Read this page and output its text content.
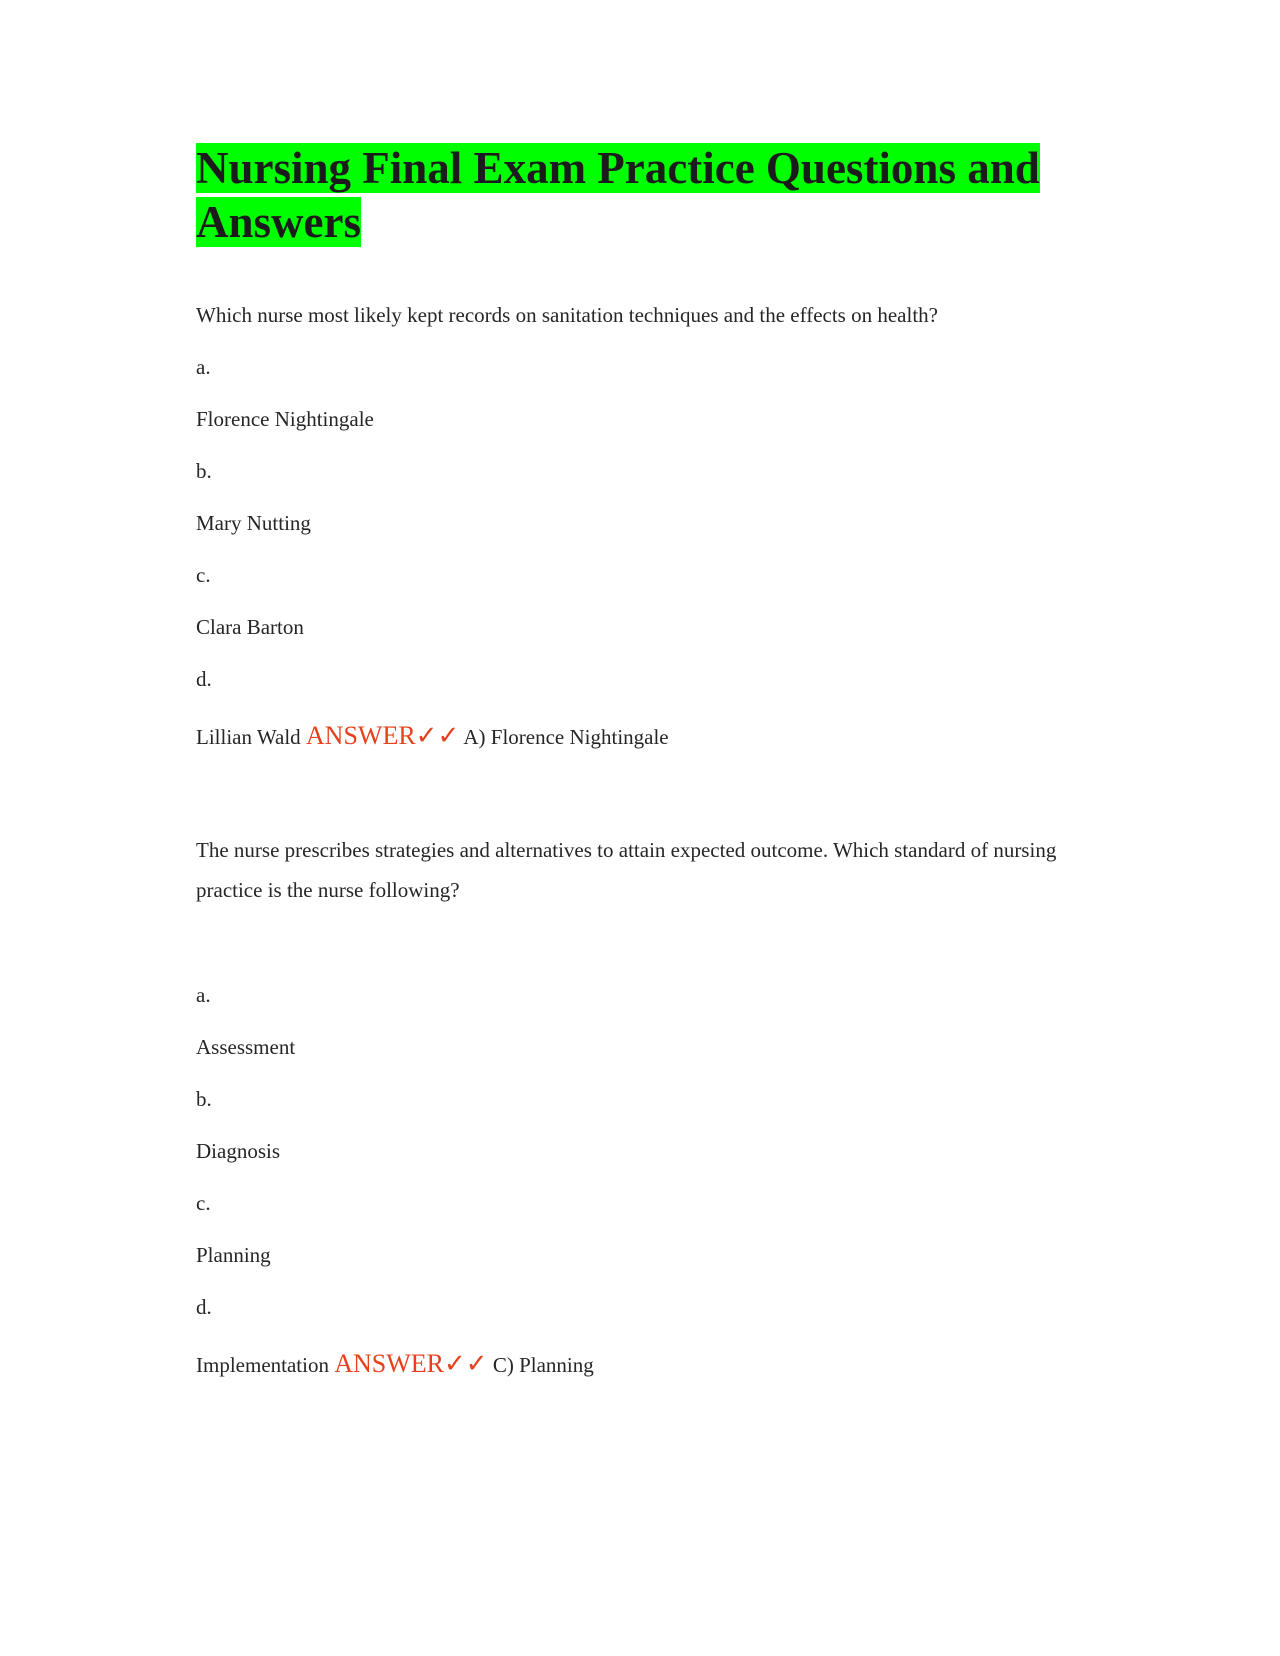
Nursing Final Exam Practice Questions and Answers
Which nurse most likely kept records on sanitation techniques and the effects on health?
a.
Florence Nightingale
b.
Mary Nutting
c.
Clara Barton
d.
Lillian Wald ANSWER✓✓ A) Florence Nightingale
The nurse prescribes strategies and alternatives to attain expected outcome. Which standard of nursing practice is the nurse following?
a.
Assessment
b.
Diagnosis
c.
Planning
d.
Implementation ANSWER✓✓ C) Planning
